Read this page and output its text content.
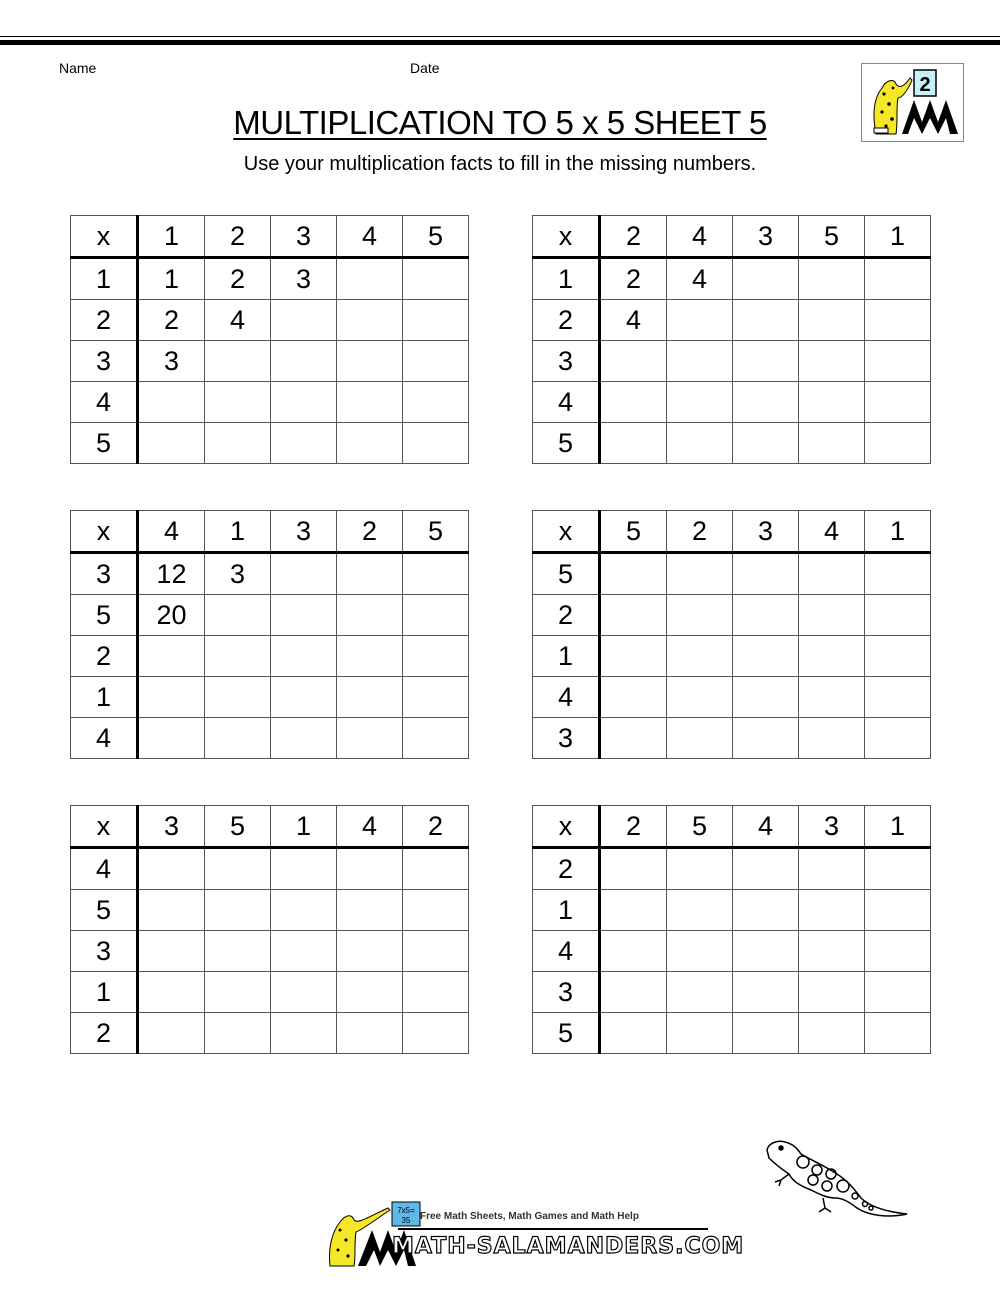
Name	Date
2
MULTIPLICATION TO 5 x 5 SHEET 5
Use your multiplication facts to fill in the missing numbers.
x	1	2	3	4	5
1	1	2	3		
2	2	4			
3	3				
4					
5					
x	2	4	3	5	1
1	2	4			
2	4				
3					
4					
5					
x	4	1	3	2	5
3	12	3			
5	20				
2					
1					
4					
x	5	2	3	4	1
5					
2					
1					
4					
3					
x	3	5	1	4	2
4					
5					
3					
1					
2					
x	2	5	4	3	1
2					
1					
4					
3					
5					
7x5=
35 Free Math Sheets, Math Games and Math Help
MATH-SALAMANDERS.COM
